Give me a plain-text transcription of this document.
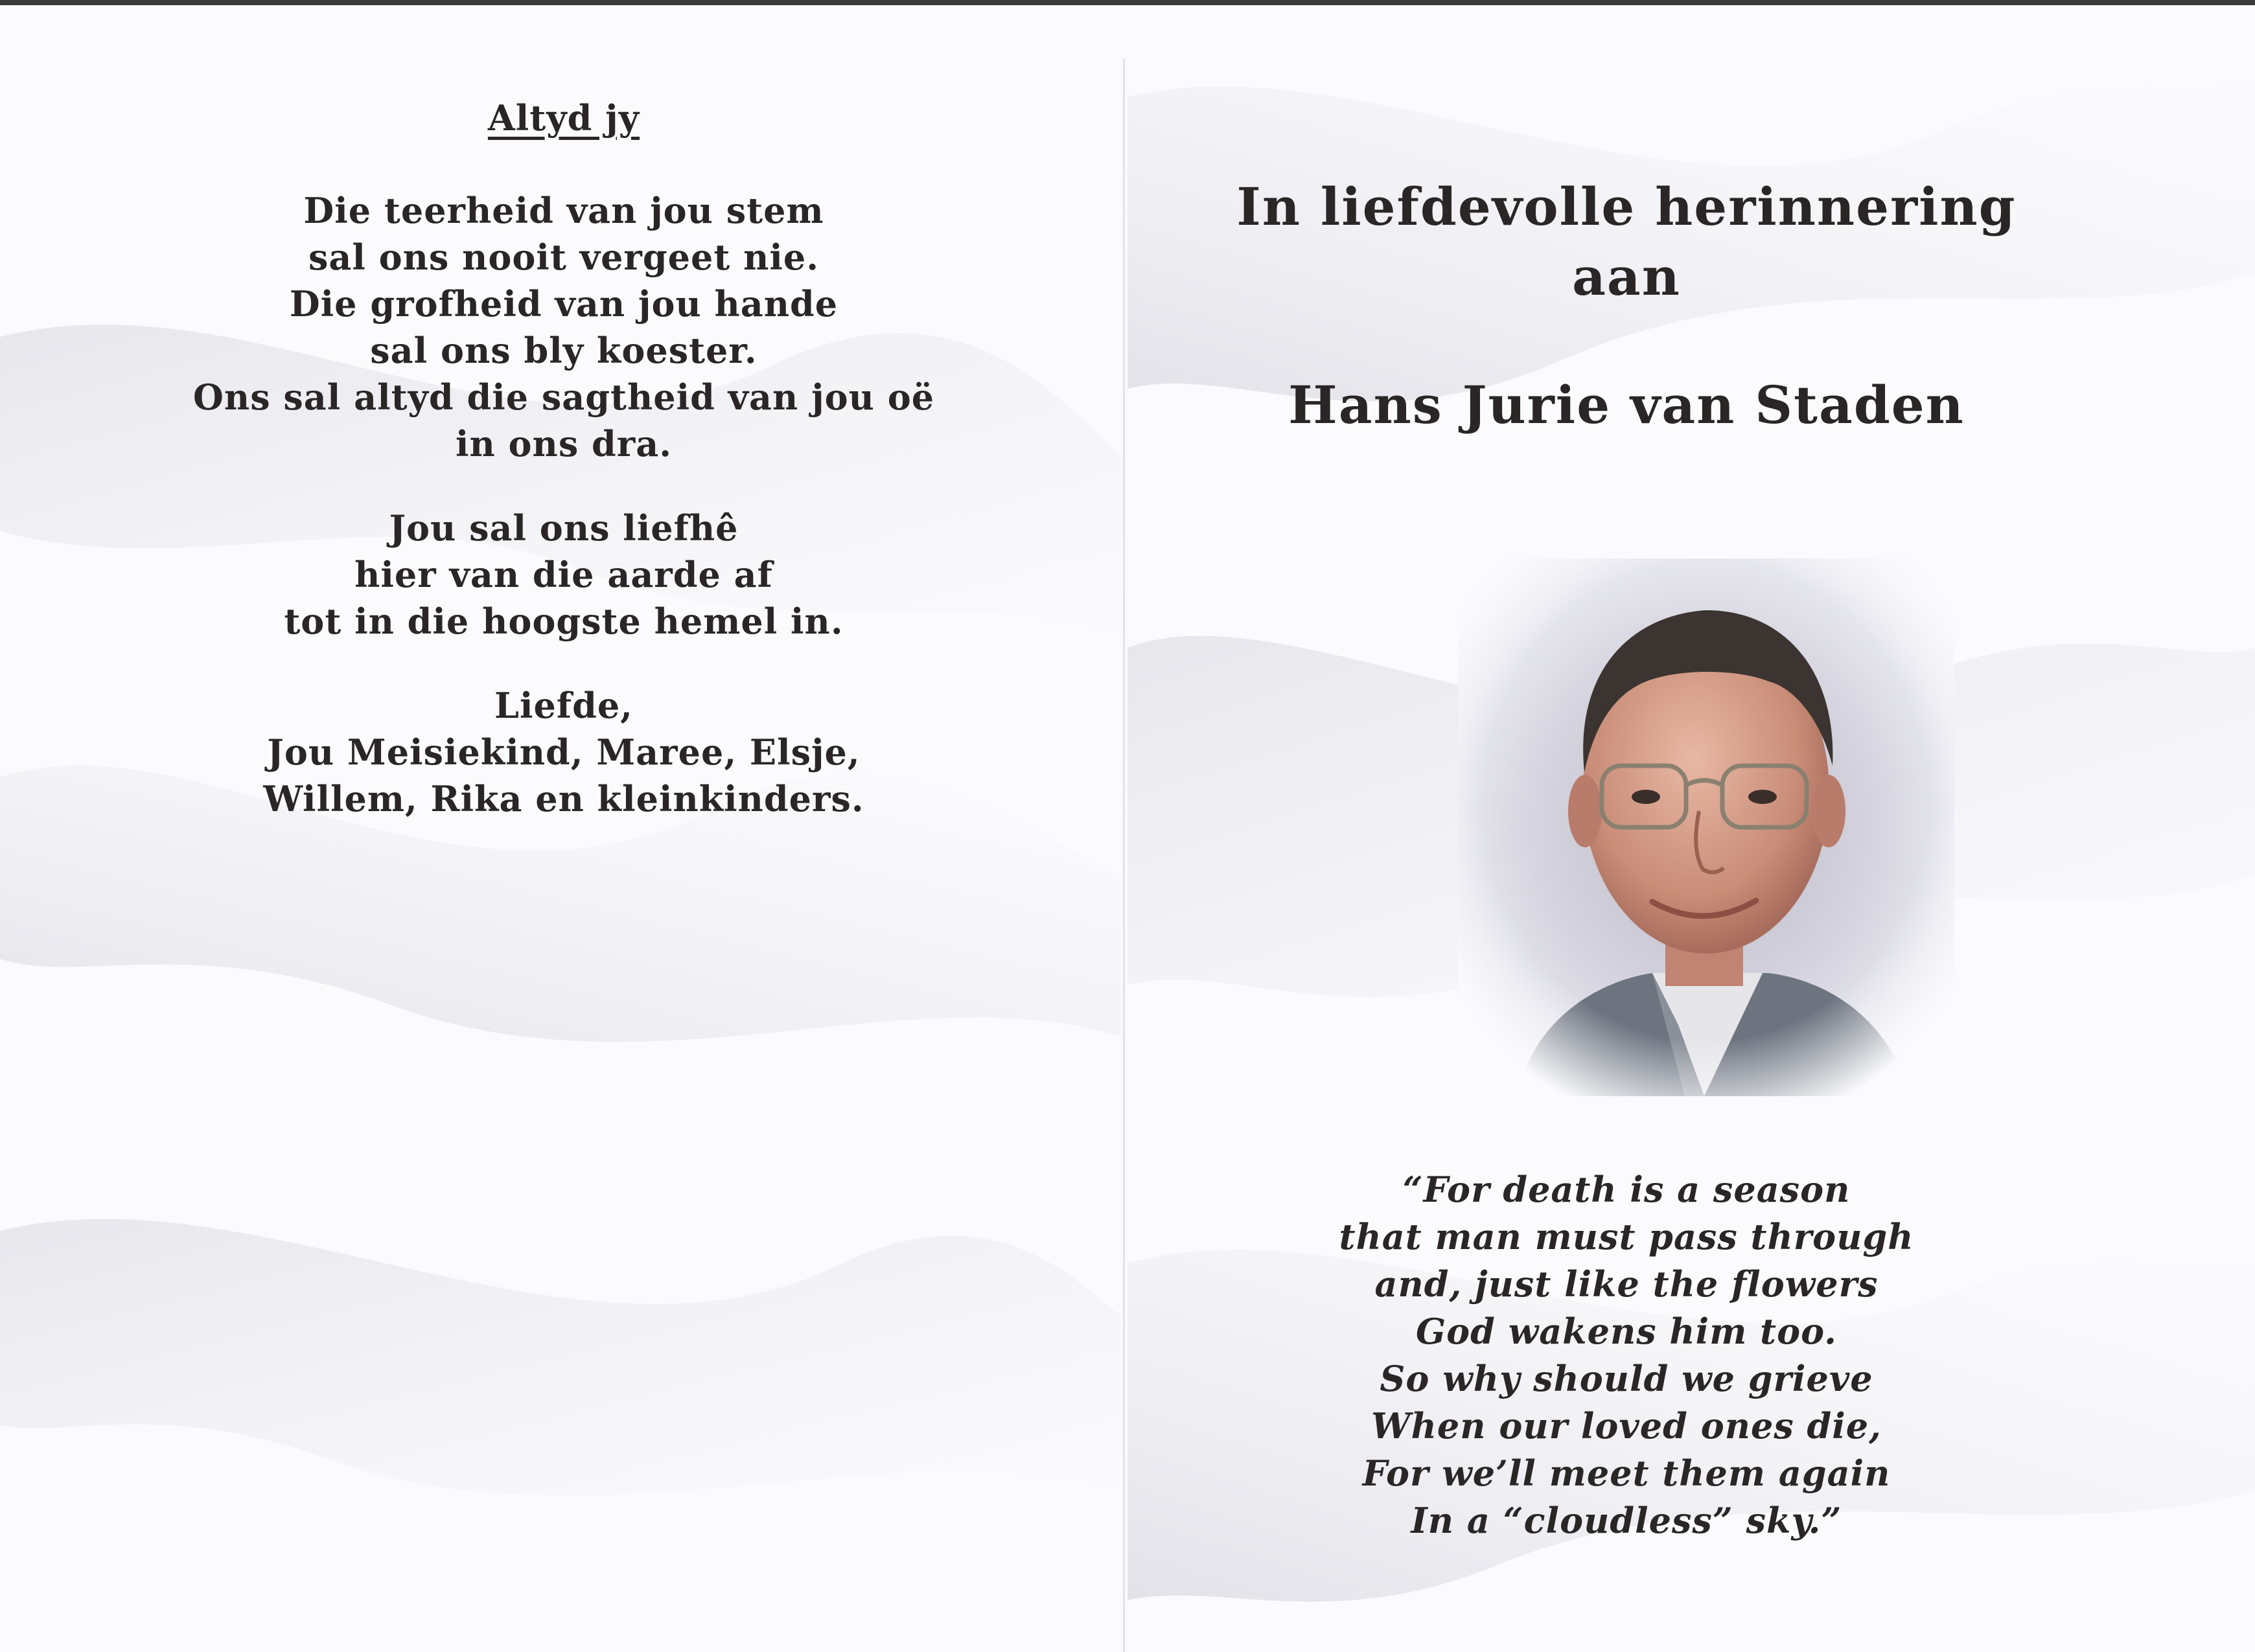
Altyd jy
Die teerheid van jou stem
sal ons nooit vergeet nie.
Die grofheid van jou hande
sal ons bly koester.
Ons sal altyd die sagtheid van jou oë
in ons dra.
Jou sal ons liefhê
hier van die aarde af
tot in die hoogste hemel in.
Liefde,
Jou Meisiekind, Maree, Elsje,
Willem, Rika en kleinkinders.
In liefdevolle herinnering
aan
Hans Jurie van Staden
“For death is a season
that man must pass through
and, just like the flowers
God wakens him too.
So why should we grieve
When our loved ones die,
For we’ll meet them again
In a “cloudless” sky.”
